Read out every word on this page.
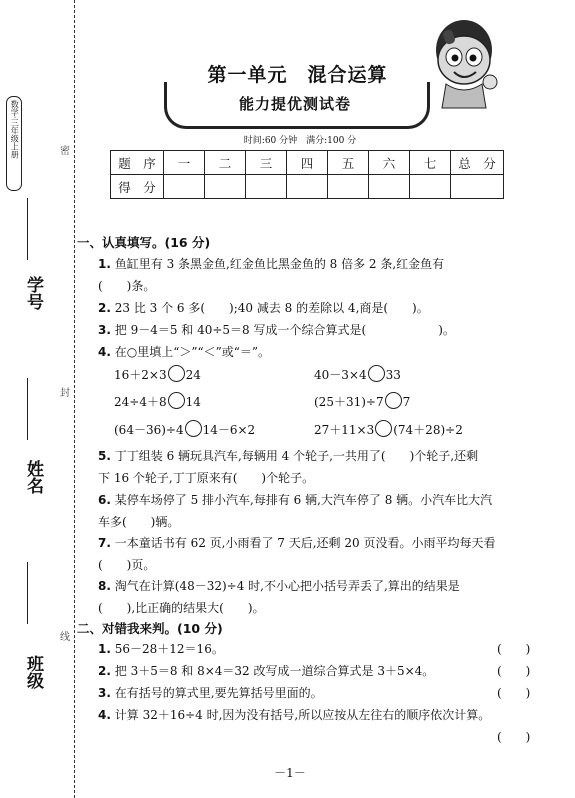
数学·三年级上册
学号
姓名
班级
密
封
线
第一单元　混合运算
能力提优测试卷
时间:60 分钟　满分:100 分
题　序	一	二	三	四	五	六	七	总　分
得　分								
一、认真填写。(16 分)
1. 鱼缸里有 3 条黑金鱼,红金鱼比黑金鱼的 8 倍多 2 条,红金鱼有
(　　)条。
2. 23 比 3 个 6 多(　　);40 减去 8 的差除以 4,商是(　　)。
3. 把 9－4＝5 和 40÷5＝8 写成一个综合算式是(　　　　　　)。
4. 在○里填上“＞”“＜”或“＝”。
16＋2×3 24	40－3×4 33
24÷4＋8 14	(25＋31)÷7 7
(64－36)÷4 14－6×2	27＋11×3 (74＋28)÷2
5. 丁丁组装 6 辆玩具汽车,每辆用 4 个轮子,一共用了(　　)个轮子,还剩
下 16 个轮子,丁丁原来有(　　)个轮子。
6. 某停车场停了 5 排小汽车,每排有 6 辆,大汽车停了 8 辆。小汽车比大汽
车多(　　)辆。
7. 一本童话书有 62 页,小雨看了 7 天后,还剩 20 页没看。小雨平均每天看
(　　)页。
8. 淘气在计算(48－32)÷4 时,不小心把小括号弄丢了,算出的结果是
(　　),比正确的结果大(　　)。
二、对错我来判。(10 分)
1. 56－28＋12＝16。	(　　)
2. 把 3＋5＝8 和 8×4＝32 改写成一道综合算式是 3＋5×4。	(　　)
3. 在有括号的算式里,要先算括号里面的。	(　　)
4. 计算 32＋16÷4 时,因为没有括号,所以应按从左往右的顺序依次计算。
(　　)
－1－
